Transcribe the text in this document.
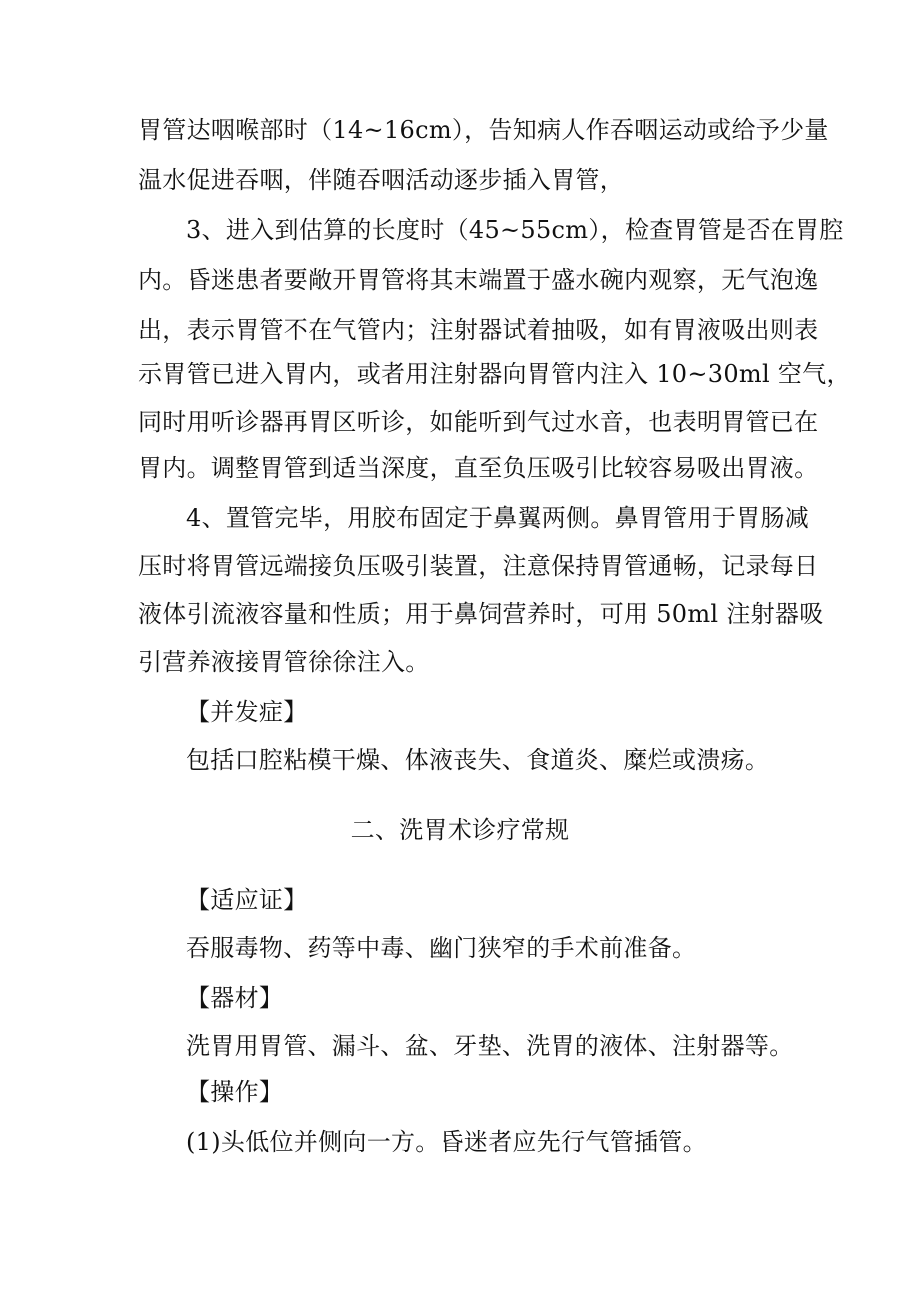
胃管达咽喉部时（14~16cm），告知病人作吞咽运动或给予少量
温水促进吞咽，伴随吞咽活动逐步插入胃管，
3、进入到估算的长度时（45~55cm），检查胃管是否在胃腔
内。昏迷患者要敞开胃管将其末端置于盛水碗内观察，无气泡逸
出，表示胃管不在气管内；注射器试着抽吸，如有胃液吸出则表
示胃管已进入胃内，或者用注射器向胃管内注入 10~30ml 空气，
同时用听诊器再胃区听诊，如能听到气过水音，也表明胃管已在
胃内。调整胃管到适当深度，直至负压吸引比较容易吸出胃液。
4、置管完毕，用胶布固定于鼻翼两侧。鼻胃管用于胃肠减
压时将胃管远端接负压吸引装置，注意保持胃管通畅，记录每日
液体引流液容量和性质；用于鼻饲营养时，可用 50ml 注射器吸
引营养液接胃管徐徐注入。
【并发症】
包括口腔粘模干燥、体液丧失、食道炎、糜烂或溃疡。
二、洗胃术诊疗常规
【适应证】
吞服毒物、药等中毒、幽门狭窄的手术前准备。
【器材】
洗胃用胃管、漏斗、盆、牙垫、洗胃的液体、注射器等。
【操作】
(1)头低位并侧向一方。昏迷者应先行气管插管。
